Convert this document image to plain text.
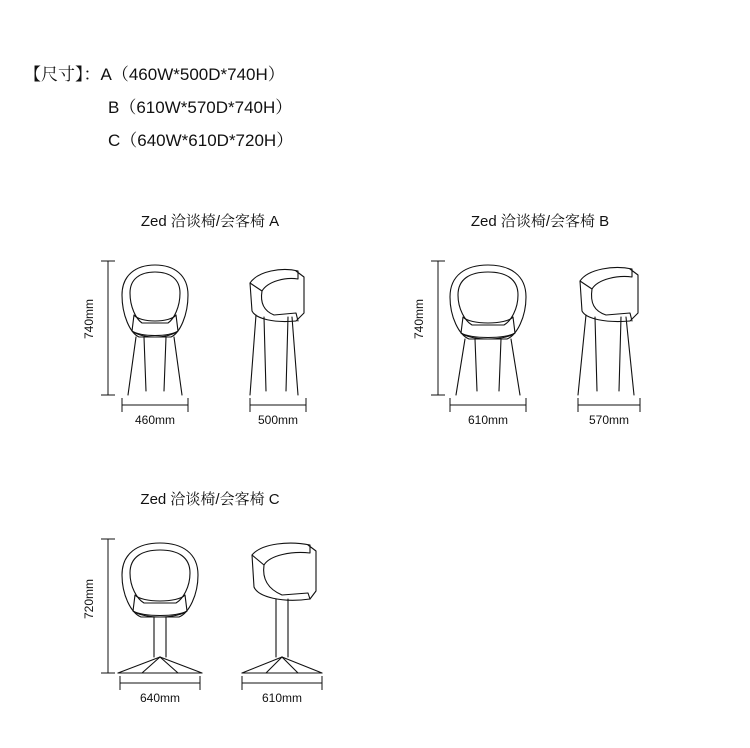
【尺寸】：A（460W*500D*740H）
B（610W*570D*740H）
C（640W*610D*720H）
Zed 洽谈椅/会客椅 A
740mm
460mm	500mm
Zed 洽谈椅/会客椅 B
740mm
610mm	570mm
Zed 洽谈椅/会客椅 C
720mm
640mm	610mm
